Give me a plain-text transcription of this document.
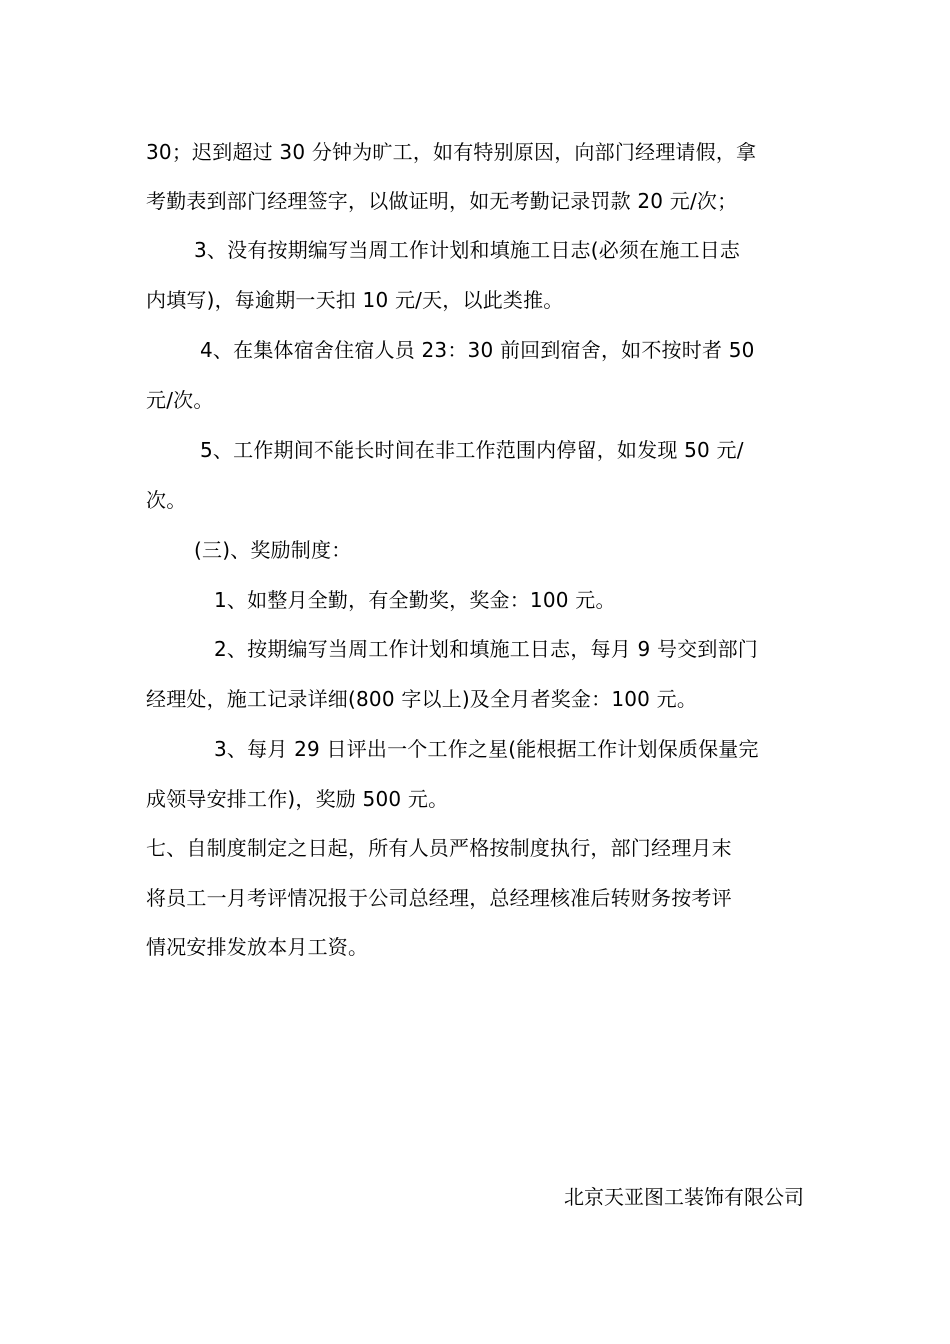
30；迟到超过 30 分钟为旷工，如有特别原因，向部门经理请假，拿
考勤表到部门经理签字，以做证明，如无考勤记录罚款 20 元/次；
3、没有按期编写当周工作计划和填施工日志(必须在施工日志
内填写)，每逾期一天扣 10 元/天，以此类推。
4、在集体宿舍住宿人员 23：30 前回到宿舍，如不按时者 50
元/次。
5、工作期间不能长时间在非工作范围内停留，如发现 50 元/
次。
(三)、奖励制度：
1、如整月全勤，有全勤奖，奖金：100 元。
2、按期编写当周工作计划和填施工日志，每月 9 号交到部门
经理处，施工记录详细(800 字以上)及全月者奖金：100 元。
3、每月 29 日评出一个工作之星(能根据工作计划保质保量完
成领导安排工作)，奖励 500 元。
七、自制度制定之日起，所有人员严格按制度执行，部门经理月末
将员工一月考评情况报于公司总经理，总经理核准后转财务按考评
情况安排发放本月工资。
北京天亚图工装饰有限公司
